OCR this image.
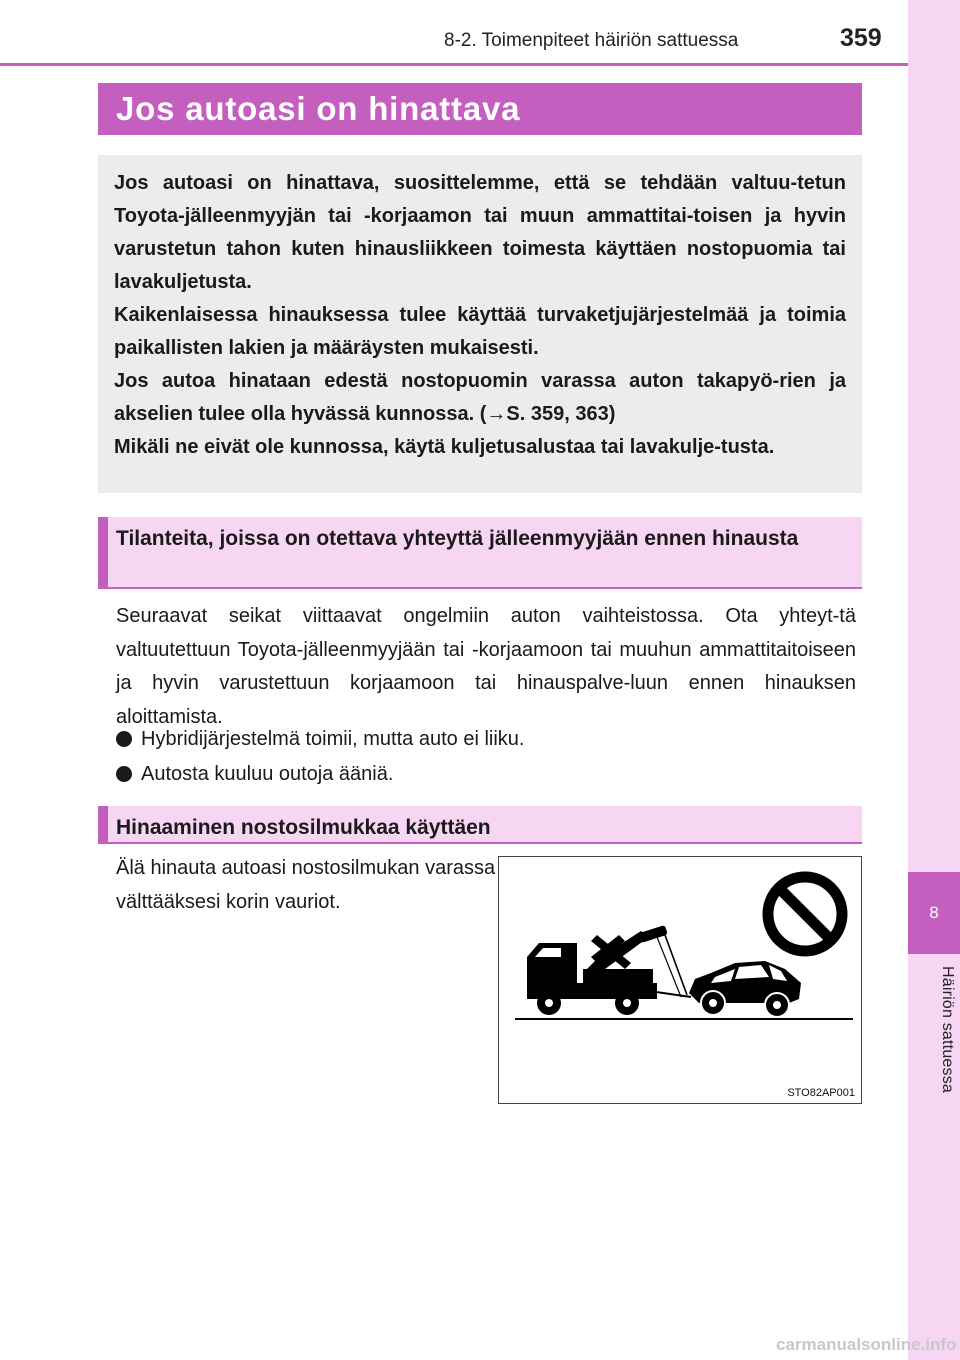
8-2. Toimenpiteet häiriön sattuessa	359
8
Häiriön sattuessa
Jos autoasi on hinattava

Jos autoasi on hinattava, suosittelemme, että se tehdään valtuu-tetun Toyota-jälleenmyyjän tai -korjaamon tai muun ammattitai-toisen ja hyvin varustetun tahon kuten hinausliikkeen toimesta käyttäen nostopuomia tai lavakuljetusta.

Kaikenlaisessa hinauksessa tulee käyttää turvaketjujärjestelmää ja toimia paikallisten lakien ja määräysten mukaisesti.

Jos autoa hinataan edestä nostopuomin varassa auton takapyö-rien ja akselien tulee olla hyvässä kunnossa. (→S. 359, 363)

Mikäli ne eivät ole kunnossa, käytä kuljetusalustaa tai lavakulje-tusta.

Tilanteita, joissa on otettava yhteyttä jälleenmyyjään ennen hinausta

Seuraavat seikat viittaavat ongelmiin auton vaihteistossa. Ota yhteyt-tä valtuutettuun Toyota-jälleenmyyjään tai -korjaamoon tai muuhun ammattitaitoiseen ja hyvin varustettuun korjaamoon tai hinauspalve-luun ennen hinauksen aloittamista.

Hybridijärjestelmä toimii, mutta auto ei liiku.
Autosta kuuluu outoja ääniä.

Hinaaminen nostosilmukkaa käyttäen

Älä hinauta autoasi nostosilmukan varassa välttääksesi korin vauriot.

STO82AP001
carmanualsonline.info
